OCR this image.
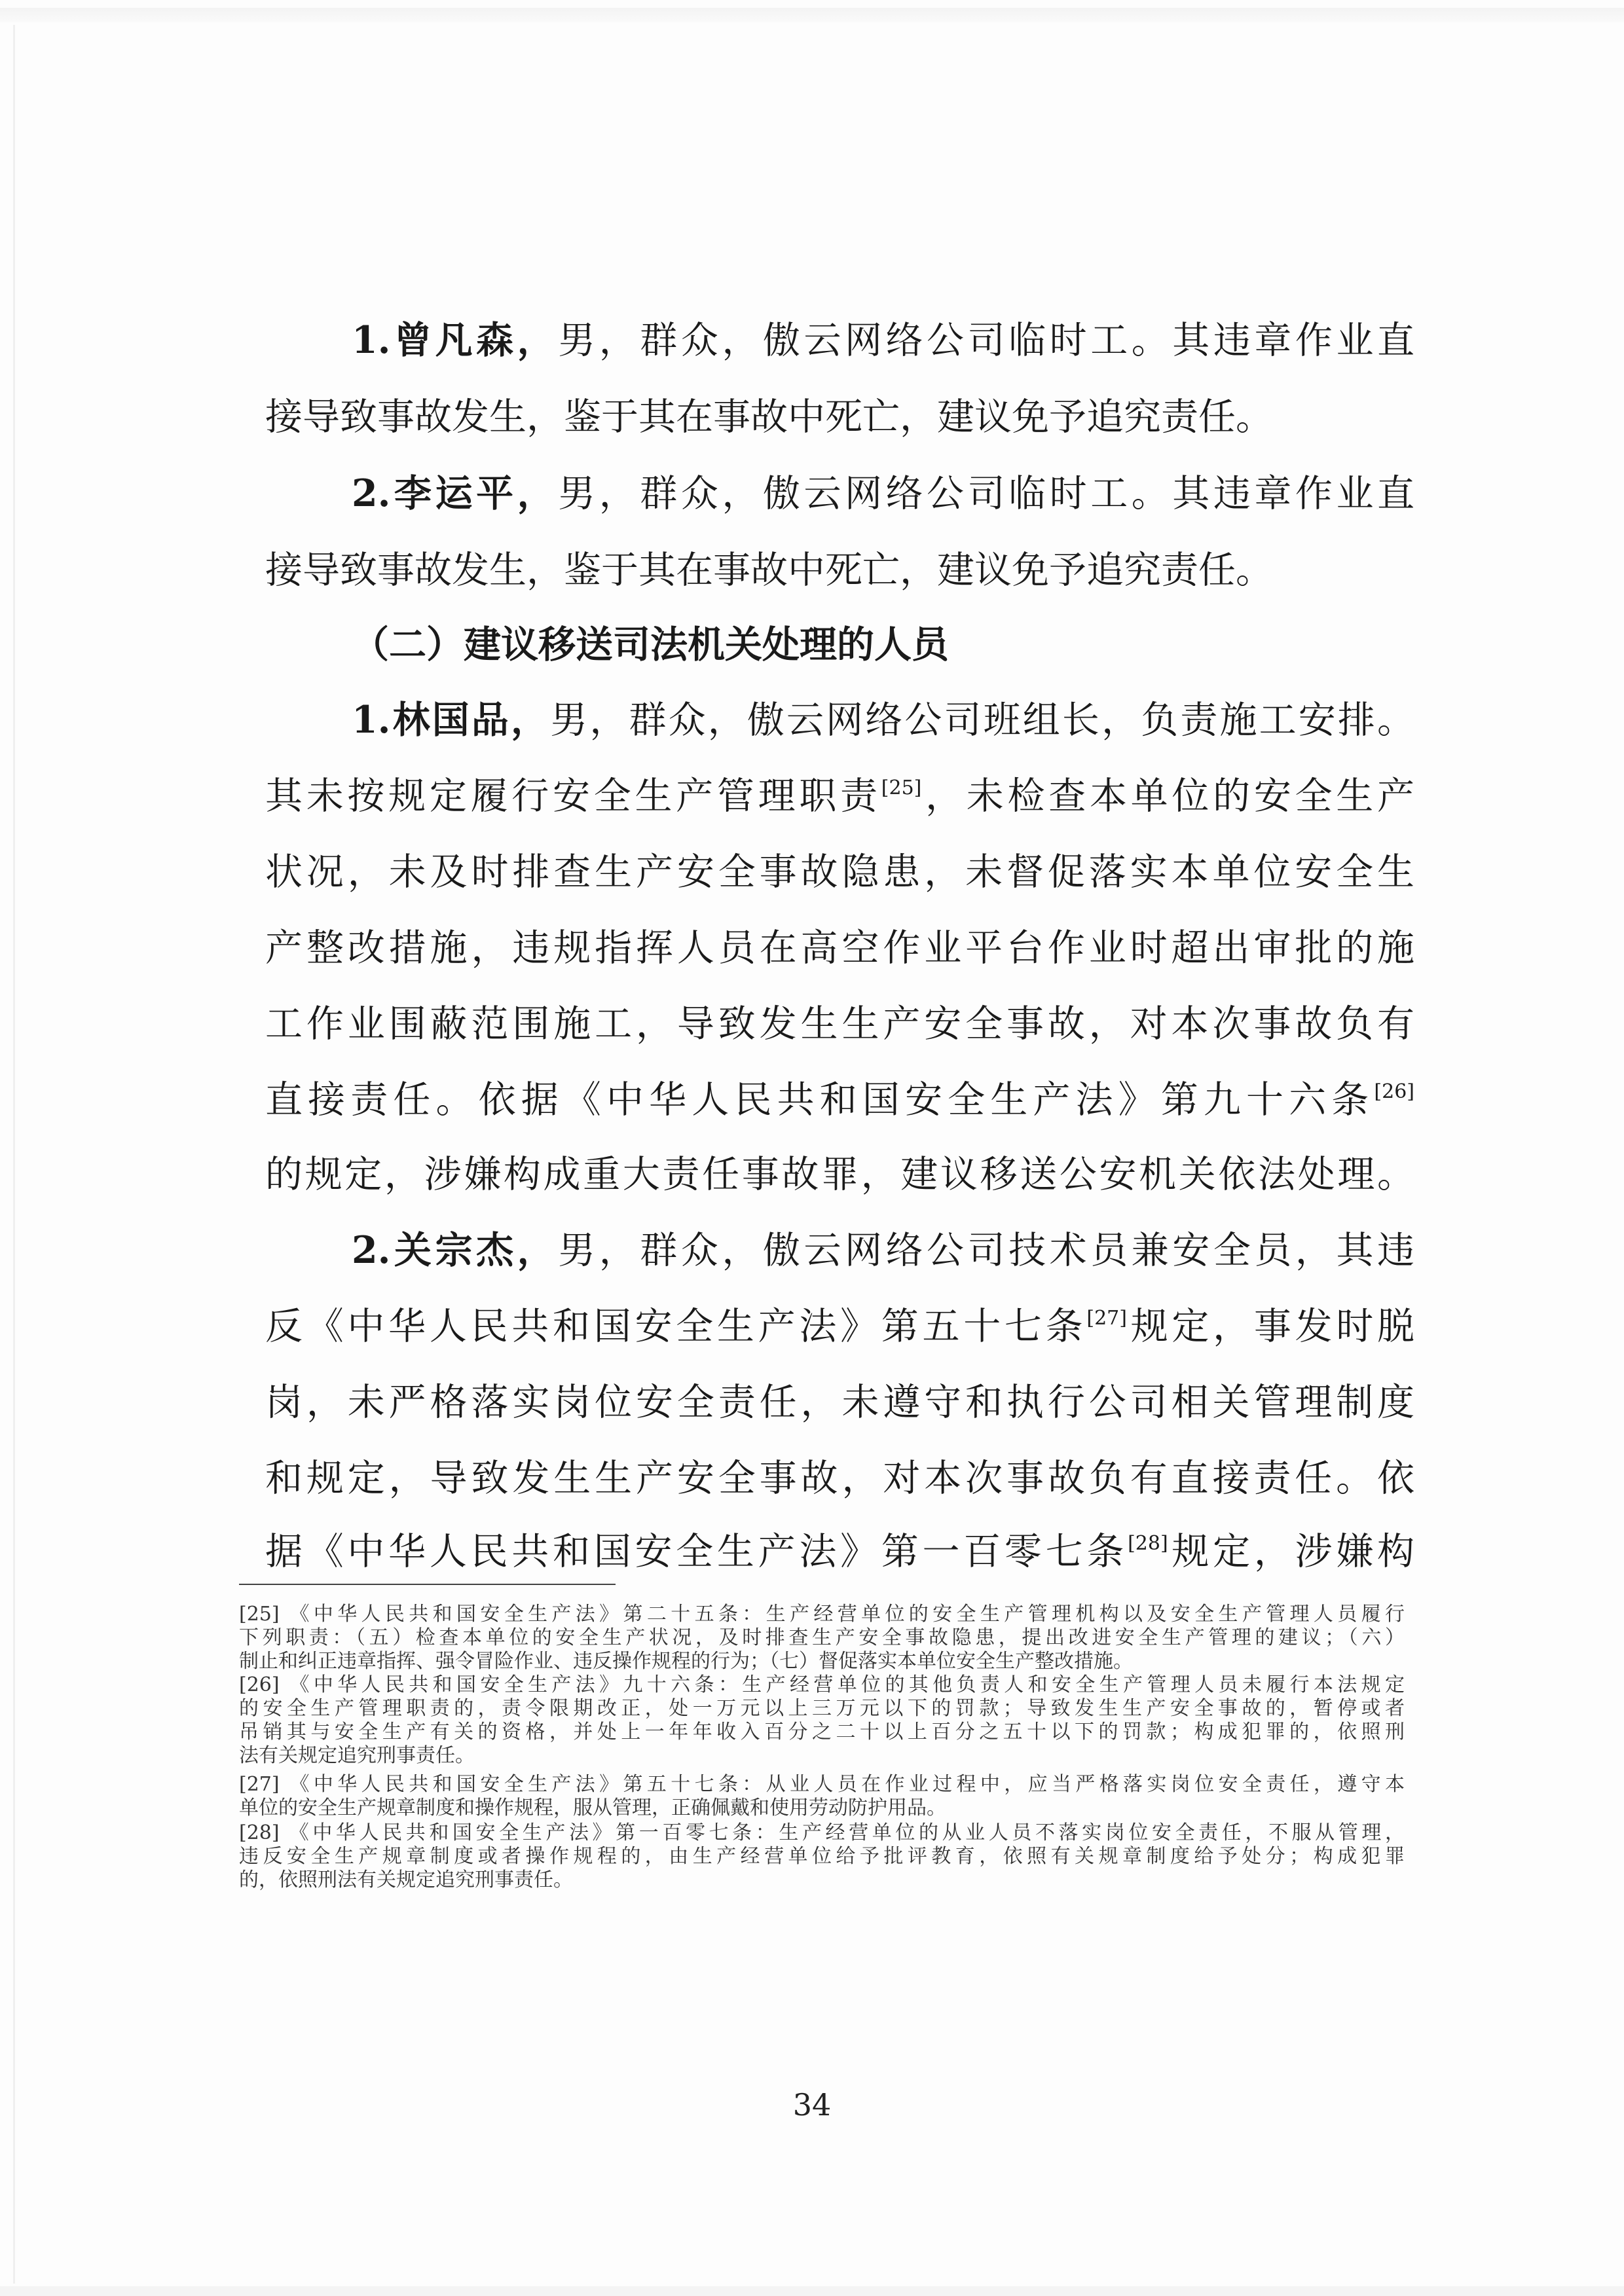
1.曾凡森，男，群众，傲云网络公司临时工。其违章作业直
接导致事故发生，鉴于其在事故中死亡，建议免予追究责任。
2.李运平，男，群众，傲云网络公司临时工。其违章作业直
接导致事故发生，鉴于其在事故中死亡，建议免予追究责任。
（二）建议移送司法机关处理的人员
1.林国品，男，群众，傲云网络公司班组长，负责施工安排。
其未按规定履行安全生产管理职责[25]，未检查本单位的安全生产
状况，未及时排查生产安全事故隐患，未督促落实本单位安全生
产整改措施，违规指挥人员在高空作业平台作业时超出审批的施
工作业围蔽范围施工，导致发生生产安全事故，对本次事故负有
直接责任。依据《中华人民共和国安全生产法》第九十六条[26]
的规定，涉嫌构成重大责任事故罪，建议移送公安机关依法处理。
2.关宗杰，男，群众，傲云网络公司技术员兼安全员，其违
反《中华人民共和国安全生产法》第五十七条[27]规定，事发时脱
岗，未严格落实岗位安全责任，未遵守和执行公司相关管理制度
和规定，导致发生生产安全事故，对本次事故负有直接责任。依
据《中华人民共和国安全生产法》第一百零七条[28]规定，涉嫌构
[25] 《中华人民共和国安全生产法》第二十五条：生产经营单位的安全生产管理机构以及安全生产管理人员履行
下列职责：（五）检查本单位的安全生产状况，及时排查生产安全事故隐患，提出改进安全生产管理的建议；（六）
制止和纠正违章指挥、强令冒险作业、违反操作规程的行为；（七）督促落实本单位安全生产整改措施。
[26] 《中华人民共和国安全生产法》九十六条：生产经营单位的其他负责人和安全生产管理人员未履行本法规定
的安全生产管理职责的，责令限期改正，处一万元以上三万元以下的罚款；导致发生生产安全事故的，暂停或者
吊销其与安全生产有关的资格，并处上一年年收入百分之二十以上百分之五十以下的罚款；构成犯罪的，依照刑
法有关规定追究刑事责任。
[27] 《中华人民共和国安全生产法》第五十七条：从业人员在作业过程中，应当严格落实岗位安全责任，遵守本
单位的安全生产规章制度和操作规程，服从管理，正确佩戴和使用劳动防护用品。
[28] 《中华人民共和国安全生产法》第一百零七条：生产经营单位的从业人员不落实岗位安全责任，不服从管理，
违反安全生产规章制度或者操作规程的，由生产经营单位给予批评教育，依照有关规章制度给予处分；构成犯罪
的，依照刑法有关规定追究刑事责任。
34
